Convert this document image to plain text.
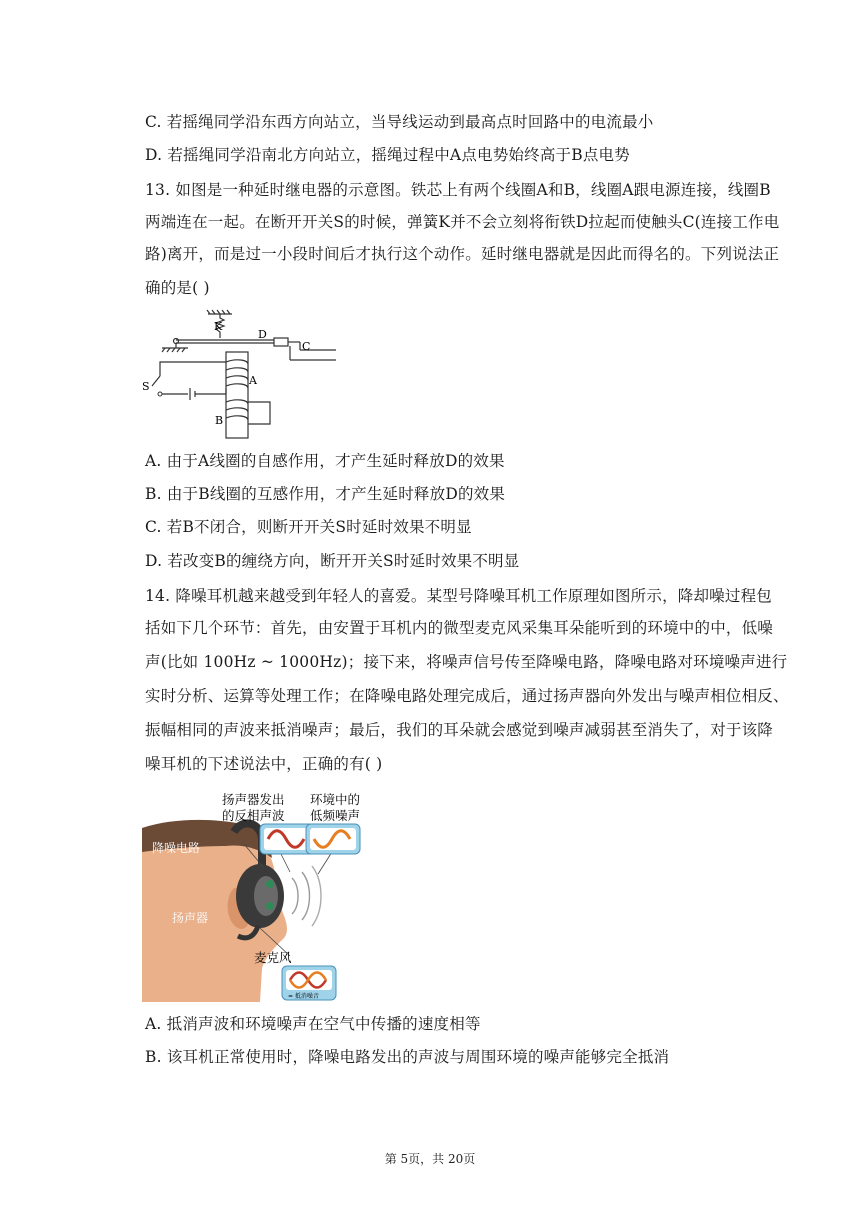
C. 若摇绳同学沿东西方向站立，当导线运动到最高点时回路中的电流最小
D. 若摇绳同学沿南北方向站立，摇绳过程中A点电势始终高于B点电势
13. 如图是一种延时继电器的示意图。铁芯上有两个线圈A和B，线圈A跟电源连接，线圈B
两端连在一起。在断开开关S的时候，弹簧K并不会立刻将衔铁D拉起而使触头C(连接工作电
路)离开，而是过一小段时间后才执行这个动作。延时继电器就是因此而得名的。下列说法正
确的是( )
K
D
C
S	A
B
A. 由于A线圈的自感作用，才产生延时释放D的效果
B. 由于B线圈的互感作用，才产生延时释放D的效果
C. 若B不闭合，则断开开关S时延时效果不明显
D. 若改变B的缠绕方向，断开开关S时延时效果不明显
14. 降噪耳机越来越受到年轻人的喜爱。某型号降噪耳机工作原理如图所示，降却噪过程包
括如下几个环节：首先，由安置于耳机内的微型麦克风采集耳朵能听到的环境中的中，低噪
声(比如 100Hz ~ 1000Hz)；接下来，将噪声信号传至降噪电路，降噪电路对环境噪声进行
实时分析、运算等处理工作；在降噪电路处理完成后，通过扬声器向外发出与噪声相位相反、
振幅相同的声波来抵消噪声；最后，我们的耳朵就会感觉到噪声减弱甚至消失了，对于该降
噪耳机的下述说法中，正确的有( )
扬声器发出
的反相声波
环境中的
低频噪声
降噪电路
扬声器
麦克风
= 抵消噪音
A. 抵消声波和环境噪声在空气中传播的速度相等
B. 该耳机正常使用时，降噪电路发出的声波与周围环境的噪声能够完全抵消
第 5页，共 20页
